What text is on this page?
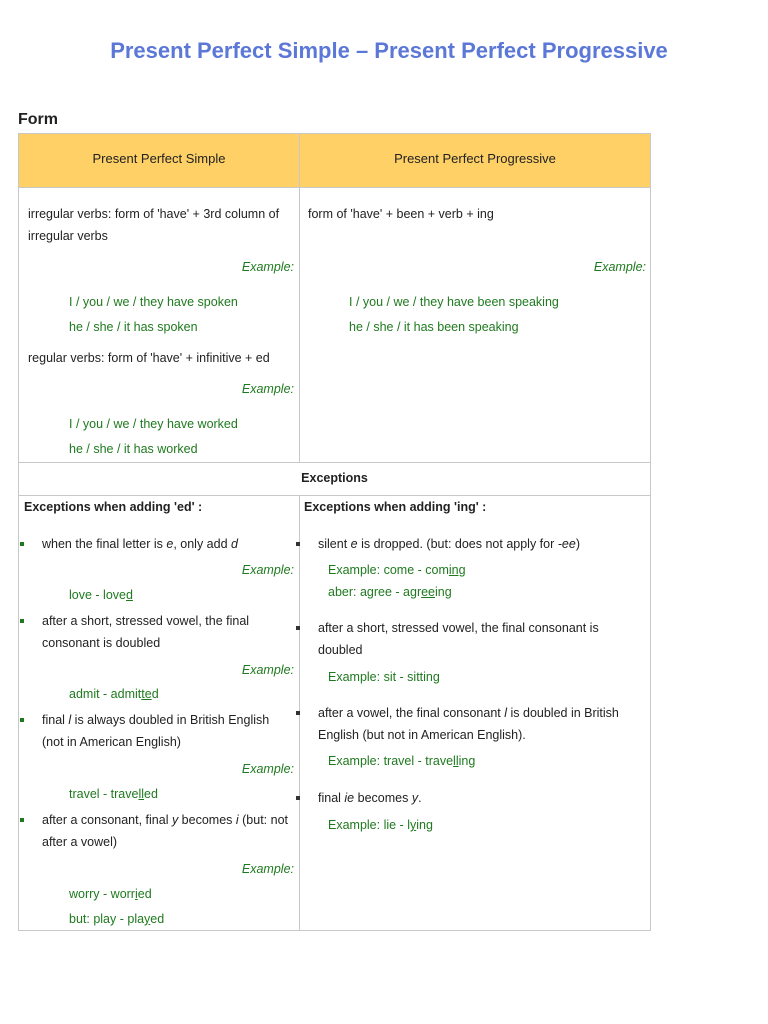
Present Perfect Simple – Present Perfect Progressive
Form
Present Perfect Simple	Present Perfect Progressive
irregular verbs: form of 'have' + 3rd column of
irregular verbs
Example:
I / you / we / they have spoken
he / she / it has spoken
regular verbs: form of 'have' + infinitive + ed
Example:
I / you / we / they have worked
he / she / it has worked
form of 'have' + been + verb + ing
Example:
I / you / we / they have been speaking
he / she / it has been speaking
Exceptions
Exceptions when adding 'ed' :
when the final letter is e, only add d
Example:
love - loved
after a short, stressed vowel, the final
consonant is doubled
Example:
admit - admitted
final l is always doubled in British English
(not in American English)
Example:
travel - travelled
after a consonant, final y becomes i (but: not
after a vowel)
Example:
worry - worried
but: play - played
Exceptions when adding 'ing' :
silent e is dropped. (but: does not apply for -ee)
Example: come - coming
aber: agree - agreeing
after a short, stressed vowel, the final consonant is
doubled
Example: sit - sitting
after a vowel, the final consonant l is doubled in British
English (but not in American English).
Example: travel - travelling
final ie becomes y.
Example: lie - lying
